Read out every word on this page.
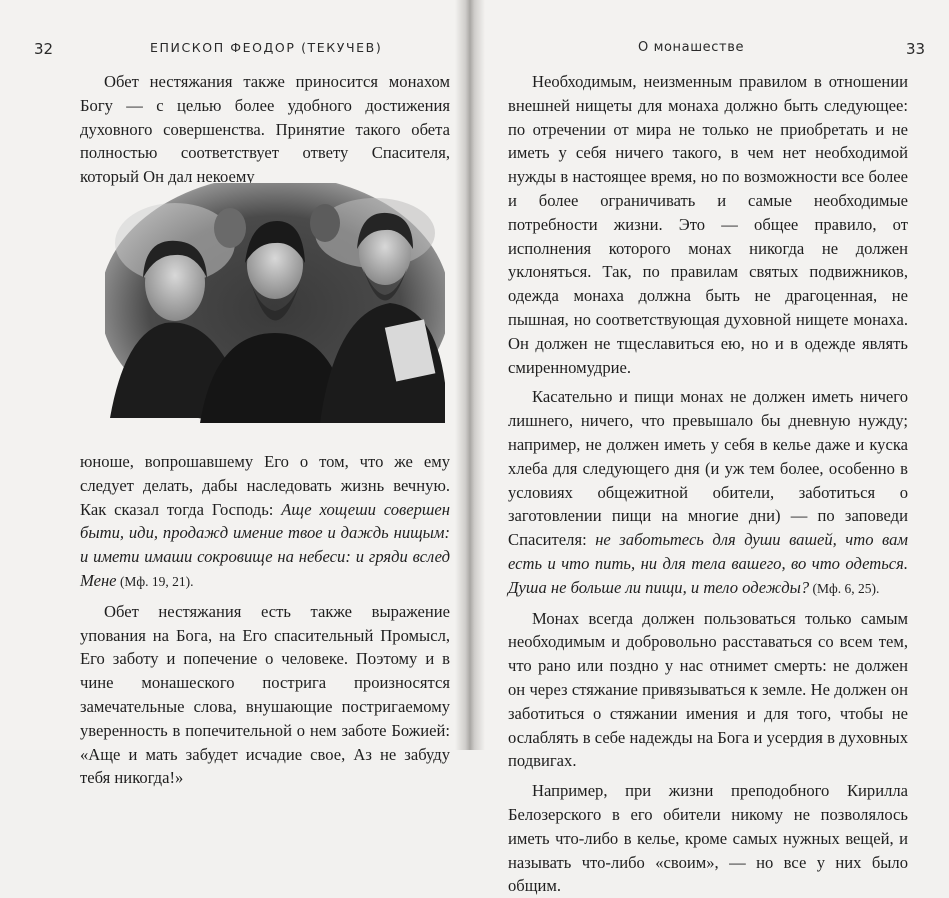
32	ЕПИСКОП ФЕОДОР (ТЕКУЧЕВ)

Обет нестяжания также приносится монахом Богу — с целью более удобного достижения духовного совершенства. Принятие такого обета полностью соответствует ответу Спасителя, который Он дал некоему

юноше, вопрошавшему Его о том, что же ему следует делать, дабы наследовать жизнь вечную. Как сказал тогда Господь: Аще хощеши совершен быти, иди, продажд имение твое и даждь нищым: и имети имаши сокровище на небеси: и гряди вслед Мене (Мф. 19, 21).

Обет нестяжания есть также выражение упования на Бога, на Его спасительный Промысл, Его заботу и попечение о человеке. Поэтому и в чине монашеского пострига произносятся замечательные слова, внушающие постригаемому уверенность в попечительной о нем заботе Божией: «Аще и мать забудет исчадие свое, Аз не забуду тебя никогда!»

О монашестве	33

Необходимым, неизменным правилом в отношении внешней нищеты для монаха должно быть следующее: по отречении от мира не только не приобретать и не иметь у себя ничего такого, в чем нет необходимой нужды в настоящее время, но по возможности все более и более ограничивать и самые необходимые потребности жизни. Это — общее правило, от исполнения которого монах никогда не должен уклоняться. Так, по правилам святых подвижников, одежда монаха должна быть не драгоценная, не пышная, но соответствующая духовной нищете монаха. Он должен не тщеславиться ею, но и в одежде являть смиренномудрие.

Касательно и пищи монах не должен иметь ничего лишнего, ничего, что превышало бы дневную нужду; например, не должен иметь у себя в келье даже и куска хлеба для следующего дня (и уж тем более, особенно в условиях общежитной обители, заботиться о заготовлении пищи на многие дни) — по заповеди Спасителя: не заботьтесь для души вашей, что вам есть и что пить, ни для тела вашего, во что одеться. Душа не больше ли пищи, и тело одежды? (Мф. 6, 25).

Монах всегда должен пользоваться только самым необходимым и добровольно расставаться со всем тем, что рано или поздно у нас отнимет смерть: не должен он через стяжание привязываться к земле. Не должен он заботиться о стяжании имения и для того, чтобы не ослаблять в себе надежды на Бога и усердия в духовных подвигах.

Например, при жизни преподобного Кирилла Белозерского в его обители никому не позволялось иметь что-либо в келье, кроме самых нужных вещей, и называть что-либо «своим», — но все у них было общим.
